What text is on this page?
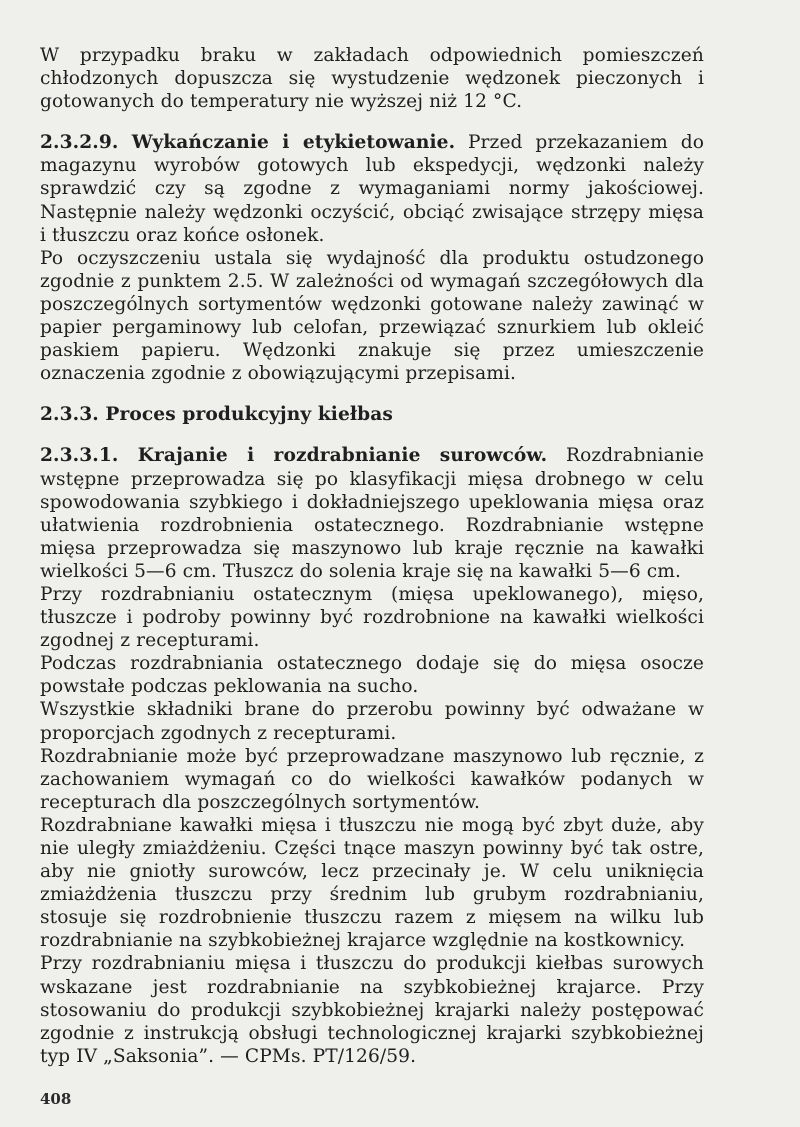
W przypadku braku w zakładach odpowiednich pomieszczeń chłodzonych dopuszcza się wystudzenie wędzonek pieczonych i gotowanych do temperatury nie wyższej niż 12 °C.

2.3.2.9. Wykańczanie i etykietowanie. Przed przekazaniem do magazynu wyrobów gotowych lub ekspedycji, wędzonki należy sprawdzić czy są zgodne z wymaganiami normy jakościowej. Następnie należy wędzonki oczyścić, obciąć zwisające strzępy mięsa i tłuszczu oraz końce osłonek.

Po oczyszczeniu ustala się wydajność dla produktu ostudzonego zgodnie z punktem 2.5. W zależności od wymagań szczegółowych dla poszczególnych sortymentów wędzonki gotowane należy zawinąć w papier pergaminowy lub celofan, przewiązać sznurkiem lub okleić paskiem papieru. Wędzonki znakuje się przez umieszczenie oznaczenia zgodnie z obowiązującymi przepisami.

2.3.3. Proces produkcyjny kiełbas

2.3.3.1. Krajanie i rozdrabnianie surowców. Rozdrabnianie wstępne przeprowadza się po klasyfikacji mięsa drobnego w celu spowodowania szybkiego i dokładniejszego upeklowania mięsa oraz ułatwienia rozdrobnienia ostatecznego. Rozdrabnianie wstępne mięsa przeprowadza się maszynowo lub kraje ręcznie na kawałki wielkości 5—6 cm. Tłuszcz do solenia kraje się na kawałki 5—6 cm.

Przy rozdrabnianiu ostatecznym (mięsa upeklowanego), mięso, tłuszcze i podroby powinny być rozdrobnione na kawałki wielkości zgodnej z recepturami.

Podczas rozdrabniania ostatecznego dodaje się do mięsa osocze powstałe podczas peklowania na sucho.

Wszystkie składniki brane do przerobu powinny być odważane w proporcjach zgodnych z recepturami.

Rozdrabnianie może być przeprowadzane maszynowo lub ręcznie, z zachowaniem wymagań co do wielkości kawałków podanych w recepturach dla poszczególnych sortymentów.

Rozdrabniane kawałki mięsa i tłuszczu nie mogą być zbyt duże, aby nie uległy zmiażdżeniu. Części tnące maszyn powinny być tak ostre, aby nie gniotły surowców, lecz przecinały je. W celu uniknięcia zmiażdżenia tłuszczu przy średnim lub grubym rozdrabnianiu, stosuje się rozdrobnienie tłuszczu razem z mięsem na wilku lub rozdrabnianie na szybkobieżnej krajarce względnie na kostkownicy.

Przy rozdrabnianiu mięsa i tłuszczu do produkcji kiełbas surowych wskazane jest rozdrabnianie na szybkobieżnej krajarce. Przy stosowaniu do produkcji szybkobieżnej krajarki należy postępować zgodnie z instrukcją obsługi technologicznej krajarki szybkobieżnej typ IV „Saksonia”. — CPMs. PT/126/59.

408
